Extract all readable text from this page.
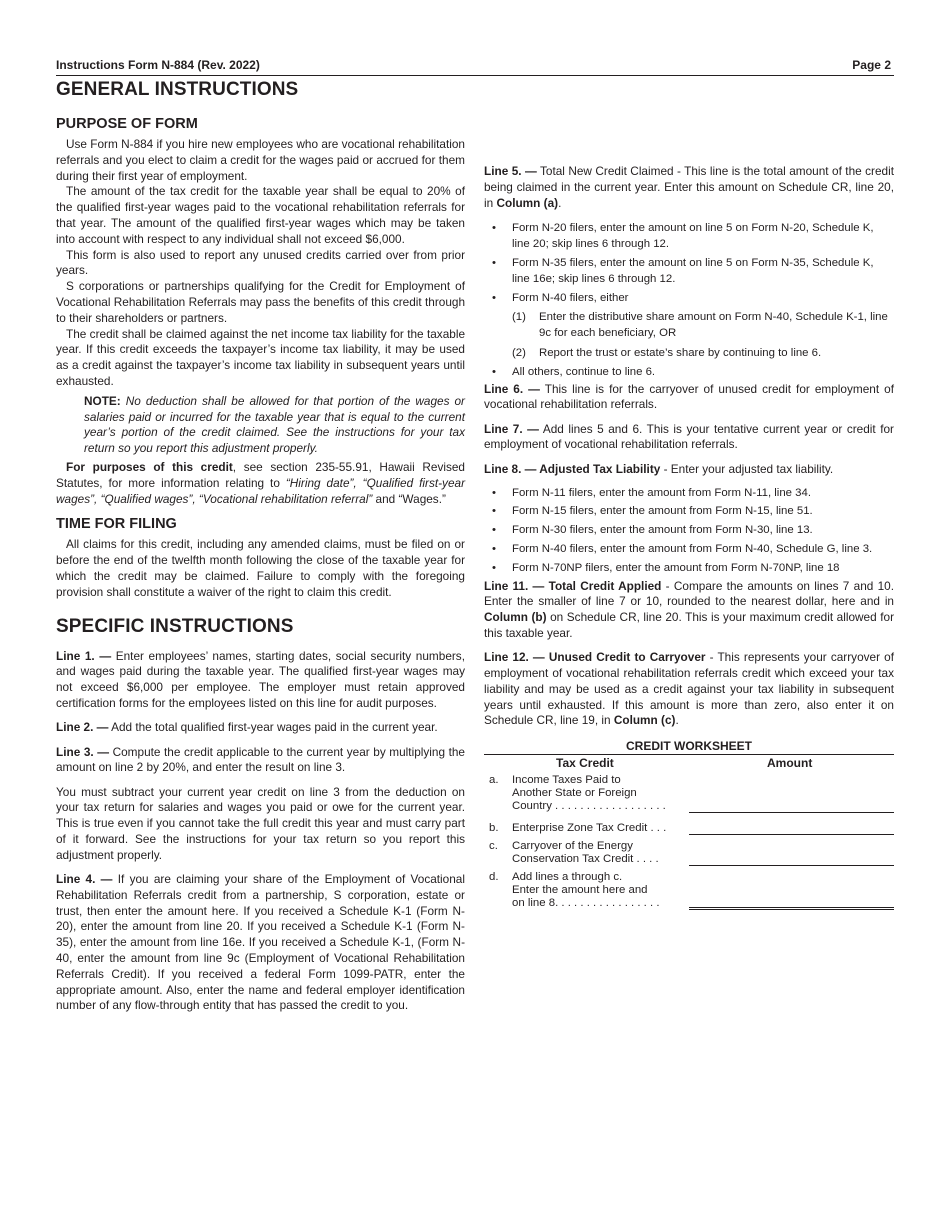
Instructions Form N-884 (Rev. 2022)	Page 2
GENERAL INSTRUCTIONS
PURPOSE OF FORM

Use Form N-884 if you hire new employees who are vocational rehabilitation referrals and you elect to claim a credit for the wages paid or accrued for them during their first year of employment.

The amount of the tax credit for the taxable year shall be equal to 20% of the qualified first-year wages paid to the vocational rehabilitation referrals for that year. The amount of the qualified first-year wages which may be taken into account with respect to any individual shall not exceed $6,000.

This form is also used to report any unused credits carried over from prior years.

S corporations or partnerships qualifying for the Credit for Employment of Vocational Rehabilitation Referrals may pass the benefits of this credit through to their shareholders or partners.

The credit shall be claimed against the net income tax liability for the taxable year. If this credit exceeds the taxpayer’s income tax liability, it may be used as a credit against the taxpayer’s income tax liability in subsequent years until exhausted.

NOTE: No deduction shall be allowed for that portion of the wages or salaries paid or incurred for the taxable year that is equal to the current year’s portion of the credit claimed. See the instructions for your tax return so you report this adjustment properly.

For purposes of this credit, see section 235-55.91, Hawaii Revised Statutes, for more information relating to “Hiring date”, “Qualified first-year wages”, “Qualified wages”, “Vocational rehabilitation referral” and “Wages.”

TIME FOR FILING

All claims for this credit, including any amended claims, must be filed on or before the end of the twelfth month following the close of the taxable year for which the credit may be claimed. Failure to comply with the foregoing provision shall constitute a waiver of the right to claim this credit.

SPECIFIC INSTRUCTIONS

Line 1. — Enter employees’ names, starting dates, social security numbers, and wages paid during the taxable year. The qualified first-year wages may not exceed $6,000 per employee. The employer must retain approved certification forms for the employees listed on this line for audit purposes.

Line 2. — Add the total qualified first-year wages paid in the current year.

Line 3. — Compute the credit applicable to the current year by multiplying the amount on line 2 by 20%, and enter the result on line 3.

You must subtract your current year credit on line 3 from the deduction on your tax return for salaries and wages you paid or owe for the current year. This is true even if you cannot take the full credit this year and must carry part of it forward. See the instructions for your tax return so you report this adjustment properly.

Line 4. — If you are claiming your share of the Employment of Vocational Rehabilitation Referrals credit from a partnership, S corporation, estate or trust, then enter the amount here. If you received a Schedule K-1 (Form N-20), enter the amount from line 20. If you received a Schedule K-1 (Form N-35), enter the amount from line 16e. If you received a Schedule K-1, (Form N-40, enter the amount from line 9c (Employment of Vocational Rehabilitation Referrals Credit). If you received a federal Form 1099-PATR, enter the appropriate amount. Also, enter the name and federal employer identification number of any flow-through entity that has passed the credit to you.

Line 5. — Total New Credit Claimed - This line is the total amount of the credit being claimed in the current year. Enter this amount on Schedule CR, line 20, in Column (a).

• Form N-20 filers, enter the amount on line 5 on Form N-20, Schedule K, line 20; skip lines 6 through 12.
• Form N-35 filers, enter the amount on line 5 on Form N-35, Schedule K, line 16e; skip lines 6 through 12.
• Form N-40 filers, either
(1) Enter the distributive share amount on Form N-40, Schedule K-1, line 9c for each beneficiary, OR
(2) Report the trust or estate’s share by continuing to line 6.
• All others, continue to line 6.

Line 6. — This line is for the carryover of unused credit for employment of vocational rehabilitation referrals.

Line 7. — Add lines 5 and 6. This is your tentative current year or credit for employment of vocational rehabilitation referrals.

Line 8. — Adjusted Tax Liability - Enter your adjusted tax liability.

• Form N-11 filers, enter the amount from Form N-11, line 34.
• Form N-15 filers, enter the amount from Form N-15, line 51.
• Form N-30 filers, enter the amount from Form N-30, line 13.
• Form N-40 filers, enter the amount from Form N-40, Schedule G, line 3.
• Form N-70NP filers, enter the amount from Form N-70NP, line 18

Line 11. — Total Credit Applied - Compare the amounts on lines 7 and 10. Enter the smaller of line 7 or 10, rounded to the nearest dollar, here and in Column (b) on Schedule CR, line 20. This is your maximum credit allowed for this taxable year.

Line 12. — Unused Credit to Carryover - This represents your carryover of employment of vocational rehabilitation referrals credit which exceed your tax liability and may be used as a credit against your tax liability in subsequent years until exhausted. If this amount is more than zero, also enter it on Schedule CR, line 19, in Column (c).

CREDIT WORKSHEET
Tax Credit	Amount
a. Income Taxes Paid to
Another State or Foreign
Country . . . . . . . . . . . . . . . . . .
b. Enterprise Zone Tax Credit . . .
c. Carryover of the Energy
Conservation Tax Credit . . . .
d. Add lines a through c.
Enter the amount here and
on line 8. . . . . . . . . . . . . . . . .
